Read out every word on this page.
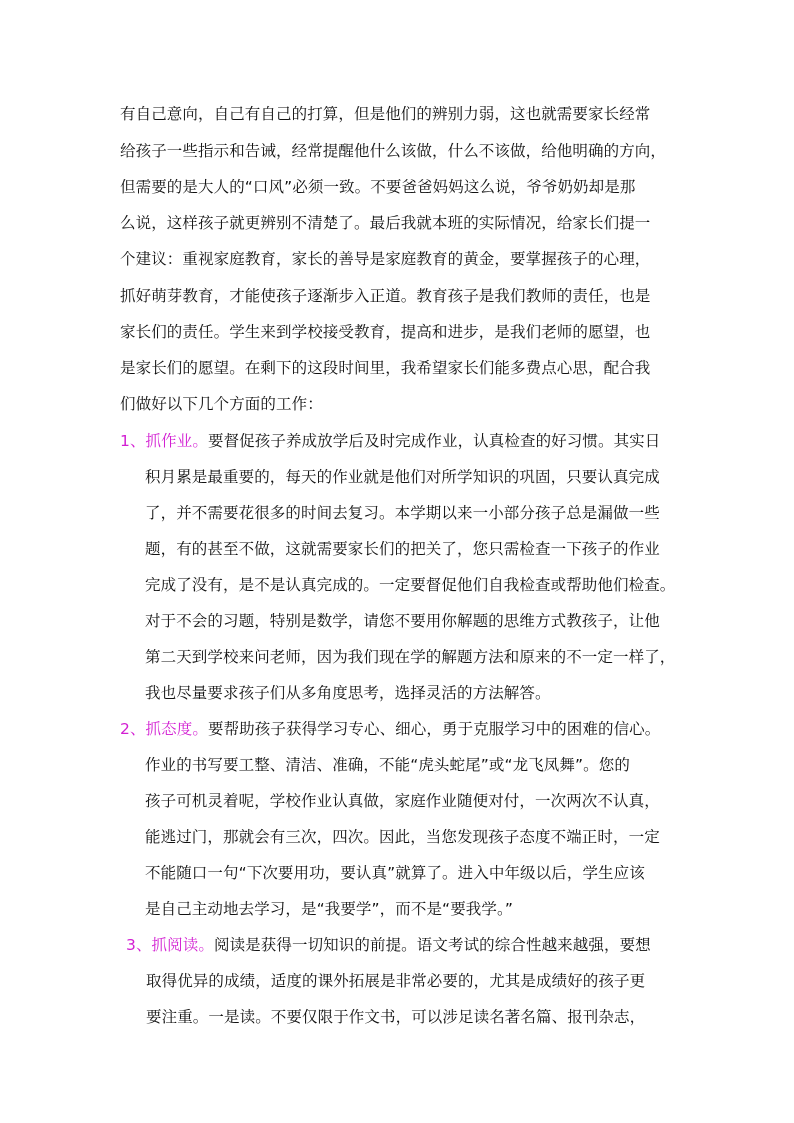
有自己意向，自己有自己的打算，但是他们的辨别力弱，这也就需要家长经常
给孩子一些指示和告诫，经常提醒他什么该做，什么不该做，给他明确的方向，
但需要的是大人的“口风”必须一致。不要爸爸妈妈这么说，爷爷奶奶却是那
么说，这样孩子就更辨别不清楚了。最后我就本班的实际情况，给家长们提一
个建议：重视家庭教育，家长的善导是家庭教育的黄金，要掌握孩子的心理，
抓好萌芽教育，才能使孩子逐渐步入正道。教育孩子是我们教师的责任，也是
家长们的责任。学生来到学校接受教育，提高和进步，是我们老师的愿望，也
是家长们的愿望。在剩下的这段时间里，我希望家长们能多费点心思，配合我
们做好以下几个方面的工作：
1、抓作业。要督促孩子养成放学后及时完成作业，认真检查的好习惯。其实日
积月累是最重要的，每天的作业就是他们对所学知识的巩固，只要认真完成
了，并不需要花很多的时间去复习。本学期以来一小部分孩子总是漏做一些
题，有的甚至不做，这就需要家长们的把关了，您只需检查一下孩子的作业
完成了没有，是不是认真完成的。一定要督促他们自我检查或帮助他们检查。
对于不会的习题，特别是数学，请您不要用你解题的思维方式教孩子，让他
第二天到学校来问老师，因为我们现在学的解题方法和原来的不一定一样了，
我也尽量要求孩子们从多角度思考，选择灵活的方法解答。
2、抓态度。要帮助孩子获得学习专心、细心，勇于克服学习中的困难的信心。
作业的书写要工整、清洁、准确，不能“虎头蛇尾”或“龙飞凤舞”。您的
孩子可机灵着呢，学校作业认真做，家庭作业随便对付，一次两次不认真，
能逃过门，那就会有三次，四次。因此，当您发现孩子态度不端正时，一定
不能随口一句“下次要用功，要认真”就算了。进入中年级以后，学生应该
是自己主动地去学习，是“我要学”，而不是“要我学。”
3、抓阅读。阅读是获得一切知识的前提。语文考试的综合性越来越强，要想
取得优异的成绩，适度的课外拓展是非常必要的，尤其是成绩好的孩子更
要注重。一是读。不要仅限于作文书，可以涉足读名著名篇、报刊杂志，
